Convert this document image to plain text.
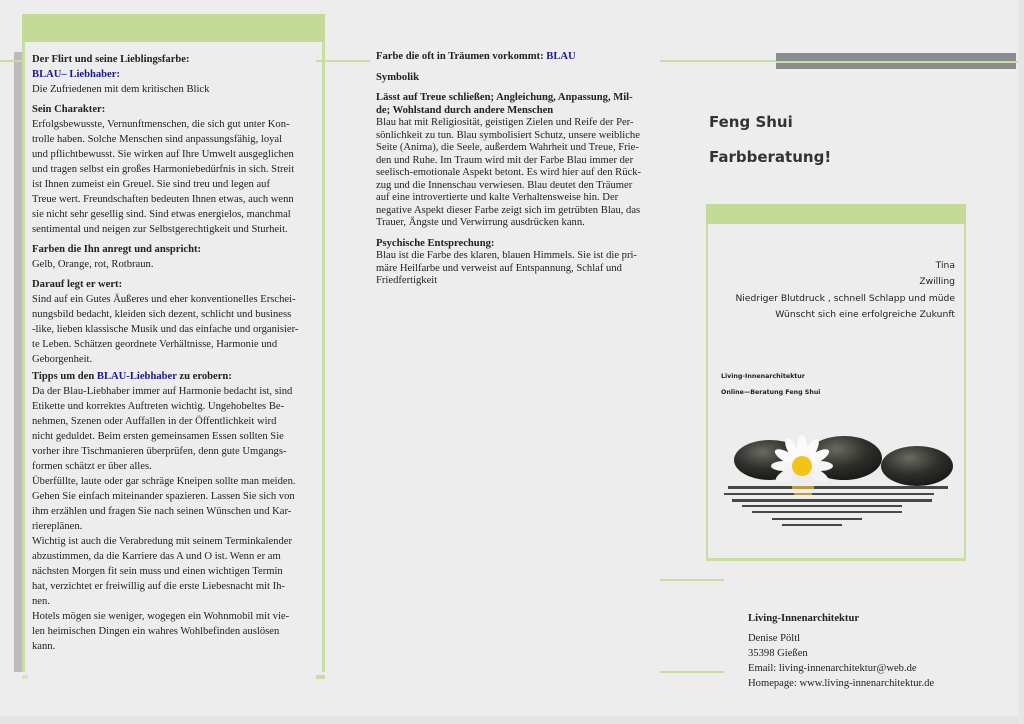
Der Flirt und seine Lieblingsfarbe:

BLAU– Liebhaber:

Die Zufriedenen mit dem kritischen Blick

Sein Charakter:

Erfolgsbewusste, Vernunftmenschen, die sich gut unter Kon-

trolle haben. Solche Menschen sind anpassungsfähig, loyal

und pflichtbewusst. Sie wirken auf Ihre Umwelt ausgeglichen

und tragen selbst ein großes Harmoniebedürfnis in sich. Streit

ist Ihnen zumeist ein Greuel. Sie sind treu und legen auf

Treue wert. Freundschaften bedeuten Ihnen etwas, auch wenn

sie nicht sehr gesellig sind. Sind etwas energielos, manchmal

sentimental und neigen zur Selbstgerechtigkeit und Sturheit.

Farben die Ihn anregt und anspricht:

Gelb, Orange, rot, Rotbraun.

Darauf legt er wert:

Sind auf ein Gutes Äußeres und eher konventionelles Erschei-

nungsbild bedacht, kleiden sich dezent, schlicht und business

-like, lieben klassische Musik und das einfache und organisier-

te Leben. Schätzen geordnete Verhältnisse, Harmonie und

Geborgenheit.

Tipps um den BLAU-Liebhaber zu erobern:

Da der Blau-Liebhaber immer auf Harmonie bedacht ist, sind

Etikette und korrektes Auftreten wichtig. Ungehobeltes Be-

nehmen, Szenen oder Auffallen in der Öffentlichkeit wird

nicht geduldet. Beim ersten gemeinsamen Essen sollten Sie

vorher ihre Tischmanieren überprüfen, denn gute Umgangs-

formen schätzt er über alles.

Überfüllte, laute oder gar schräge Kneipen sollte man meiden.

Gehen Sie einfach miteinander spazieren. Lassen Sie sich von

ihm erzählen und fragen Sie nach seinen Wünschen und Kar-

riereplänen.

Wichtig ist auch die Verabredung mit seinem Terminkalender

abzustimmen, da die Karriere das A und O ist. Wenn er am

nächsten Morgen fit sein muss und einen wichtigen Termin

hat, verzichtet er freiwillig auf die erste Liebesnacht mit Ih-

nen.

Hotels mögen sie weniger, wogegen ein Wohnmobil mit vie-

len heimischen Dingen ein wahres Wohlbefinden auslösen

kann.

Farbe die oft in Träumen vorkommt: BLAU

Symbolik

Lässt auf Treue schließen; Angleichung, Anpassung, Mil-

de; Wohlstand durch andere Menschen

Blau hat mit Religiosität, geistigen Zielen und Reife der Per-

sönlichkeit zu tun. Blau symbolisiert Schutz, unsere weibliche

Seite (Anima), die Seele, außerdem Wahrheit und Treue, Frie-

den und Ruhe. Im Traum wird mit der Farbe Blau immer der

seelisch-emotionale Aspekt betont. Es wird hier auf den Rück-

zug und die Innenschau verwiesen. Blau deutet den Träumer

auf eine introvertierte und kalte Verhaltensweise hin. Der

negative Aspekt dieser Farbe zeigt sich im getrübten Blau, das

Trauer, Ängste und Verwirrung ausdrücken kann.

Psychische Entsprechung:

Blau ist die Farbe des klaren, blauen Himmels. Sie ist die pri-

märe Heilfarbe und verweist auf Entspannung, Schlaf und

Friedfertigkeit

Feng Shui
Farbberatung!

Tina

Zwilling

Niedriger Blutdruck , schnell Schlapp und müde

Wünscht sich eine erfolgreiche Zukunft

Living-Innenarchitektur
Online—Beratung Feng Shui

Living-Innenarchitektur

Denise Pöltl

35398 Gießen

Email: living-innenarchitektur@web.de

Homepage: www.living-innenarchitektur.de
